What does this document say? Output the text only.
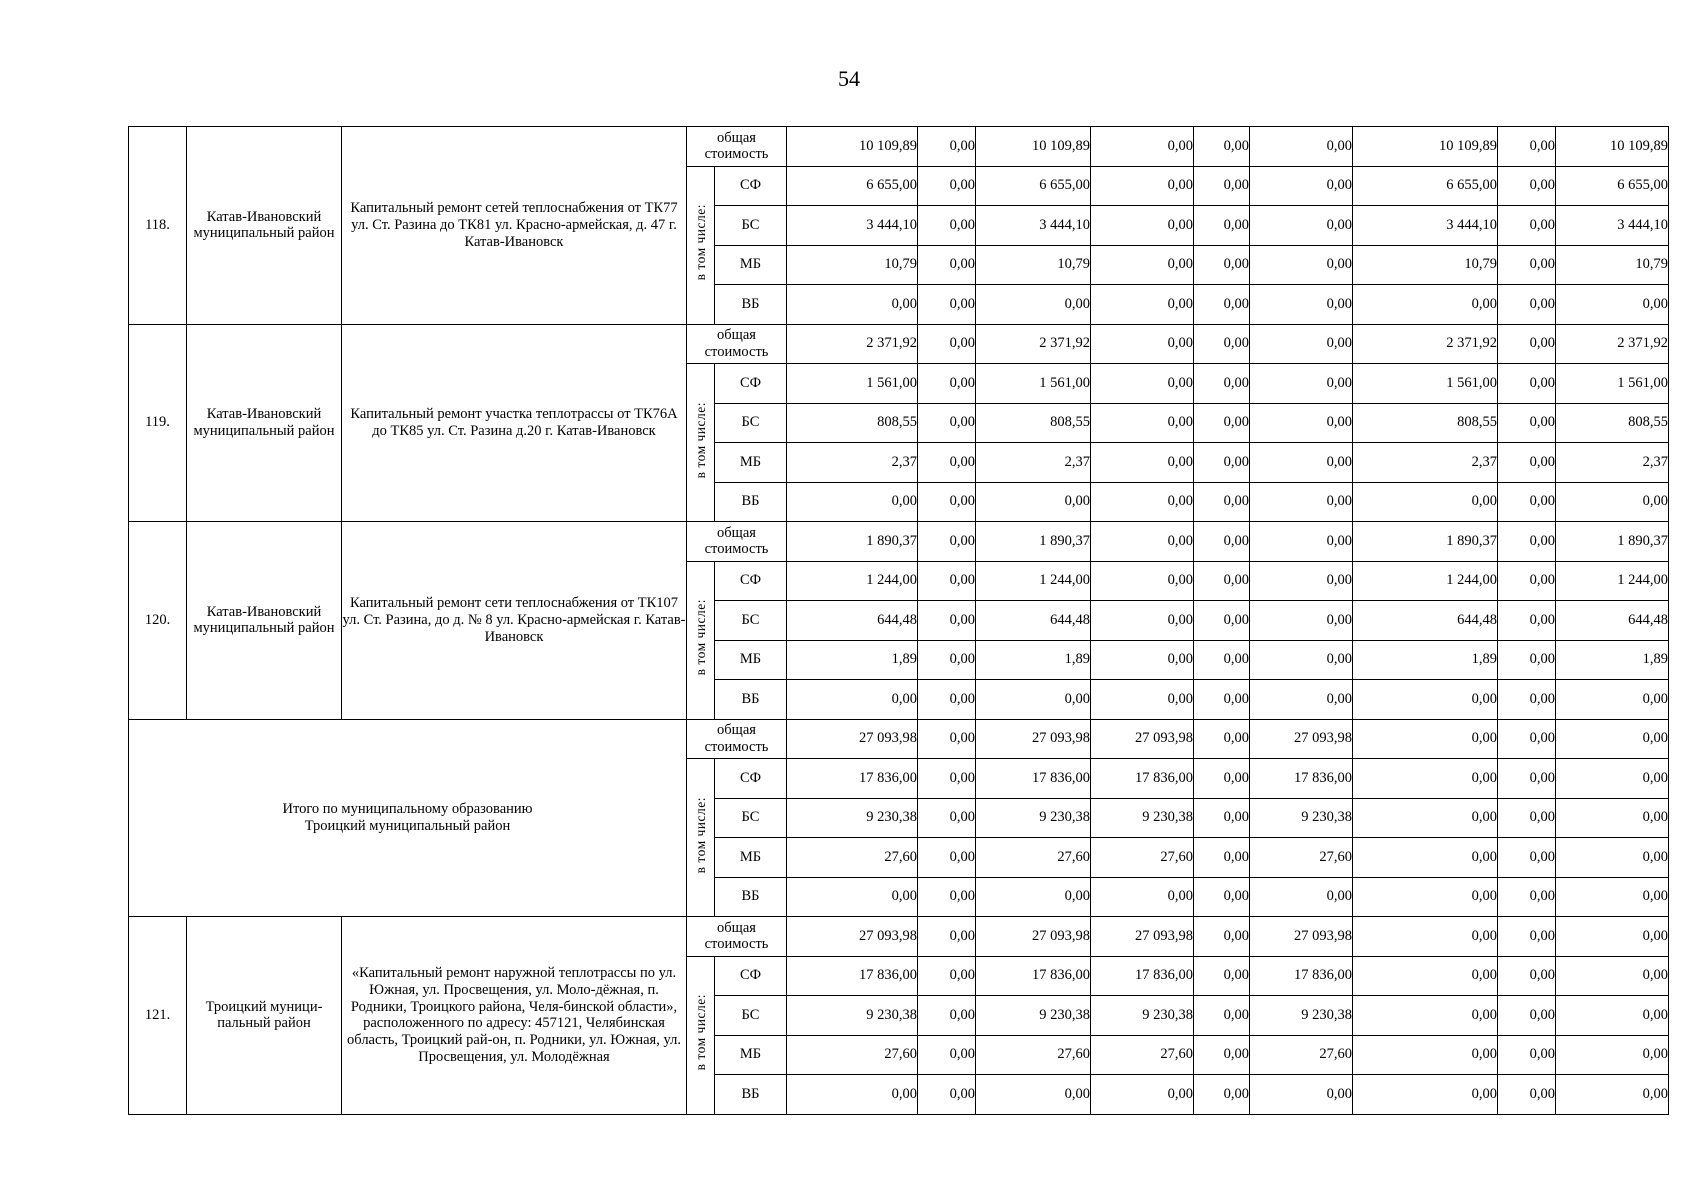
54
118.	Катав-Ивановский муниципальный район	Капитальный ремонт сетей теплоснабжения от ТК77 ул. Ст. Разина до ТК81 ул. Красно-армейская, д. 47 г. Катав-Ивановск	общая стоимость		10 109,89	0,00	10 109,89	0,00	0,00	0,00	10 109,89	0,00	10 109,89
			в том числе:	СФ	6 655,00	0,00	6 655,00	0,00	0,00	0,00	6 655,00	0,00	6 655,00
				БС	3 444,10	0,00	3 444,10	0,00	0,00	0,00	3 444,10	0,00	3 444,10
				МБ	10,79	0,00	10,79	0,00	0,00	0,00	10,79	0,00	10,79
				ВБ	0,00	0,00	0,00	0,00	0,00	0,00	0,00	0,00	0,00
119.	Катав-Ивановский муниципальный район	Капитальный ремонт участка теплотрассы от ТК76А до ТК85 ул. Ст. Разина д.20 г. Катав-Ивановск	общая стоимость		2 371,92	0,00	2 371,92	0,00	0,00	0,00	2 371,92	0,00	2 371,92
			в том числе:	СФ	1 561,00	0,00	1 561,00	0,00	0,00	0,00	1 561,00	0,00	1 561,00
				БС	808,55	0,00	808,55	0,00	0,00	0,00	808,55	0,00	808,55
				МБ	2,37	0,00	2,37	0,00	0,00	0,00	2,37	0,00	2,37
				ВБ	0,00	0,00	0,00	0,00	0,00	0,00	0,00	0,00	0,00
120.	Катав-Ивановский муниципальный район	Капитальный ремонт сети теплоснабжения от ТК107 ул. Ст. Разина, до д. № 8 ул. Красно-армейская г. Катав-Ивановск	общая стоимость		1 890,37	0,00	1 890,37	0,00	0,00	0,00	1 890,37	0,00	1 890,37
			в том числе:	СФ	1 244,00	0,00	1 244,00	0,00	0,00	0,00	1 244,00	0,00	1 244,00
				БС	644,48	0,00	644,48	0,00	0,00	0,00	644,48	0,00	644,48
				МБ	1,89	0,00	1,89	0,00	0,00	0,00	1,89	0,00	1,89
				ВБ	0,00	0,00	0,00	0,00	0,00	0,00	0,00	0,00	0,00

Итого по муниципальному образованию
Троицкий муниципальный район			общая стоимость		27 093,98	0,00	27 093,98	27 093,98	0,00	27 093,98	0,00	0,00	0,00
			в том числе:	СФ	17 836,00	0,00	17 836,00	17 836,00	0,00	17 836,00	0,00	0,00	0,00
				БС	9 230,38	0,00	9 230,38	9 230,38	0,00	9 230,38	0,00	0,00	0,00
				МБ	27,60	0,00	27,60	27,60	0,00	27,60	0,00	0,00	0,00
				ВБ	0,00	0,00	0,00	0,00	0,00	0,00	0,00	0,00	0,00
121.	Троицкий муници-пальный район	«Капитальный ремонт наружной теплотрассы по ул. Южная, ул. Просвещения, ул. Моло-дёжная, п. Родники, Троицкого района, Челя-бинской области», расположенного по адресу: 457121, Челябинская область, Троицкий рай-он, п. Родники, ул. Южная, ул. Просвещения, ул. Молодёжная	общая стоимость		27 093,98	0,00	27 093,98	27 093,98	0,00	27 093,98	0,00	0,00	0,00
			в том числе:	СФ	17 836,00	0,00	17 836,00	17 836,00	0,00	17 836,00	0,00	0,00	0,00
				БС	9 230,38	0,00	9 230,38	9 230,38	0,00	9 230,38	0,00	0,00	0,00
				МБ	27,60	0,00	27,60	27,60	0,00	27,60	0,00	0,00	0,00
				ВБ	0,00	0,00	0,00	0,00	0,00	0,00	0,00	0,00	0,00
